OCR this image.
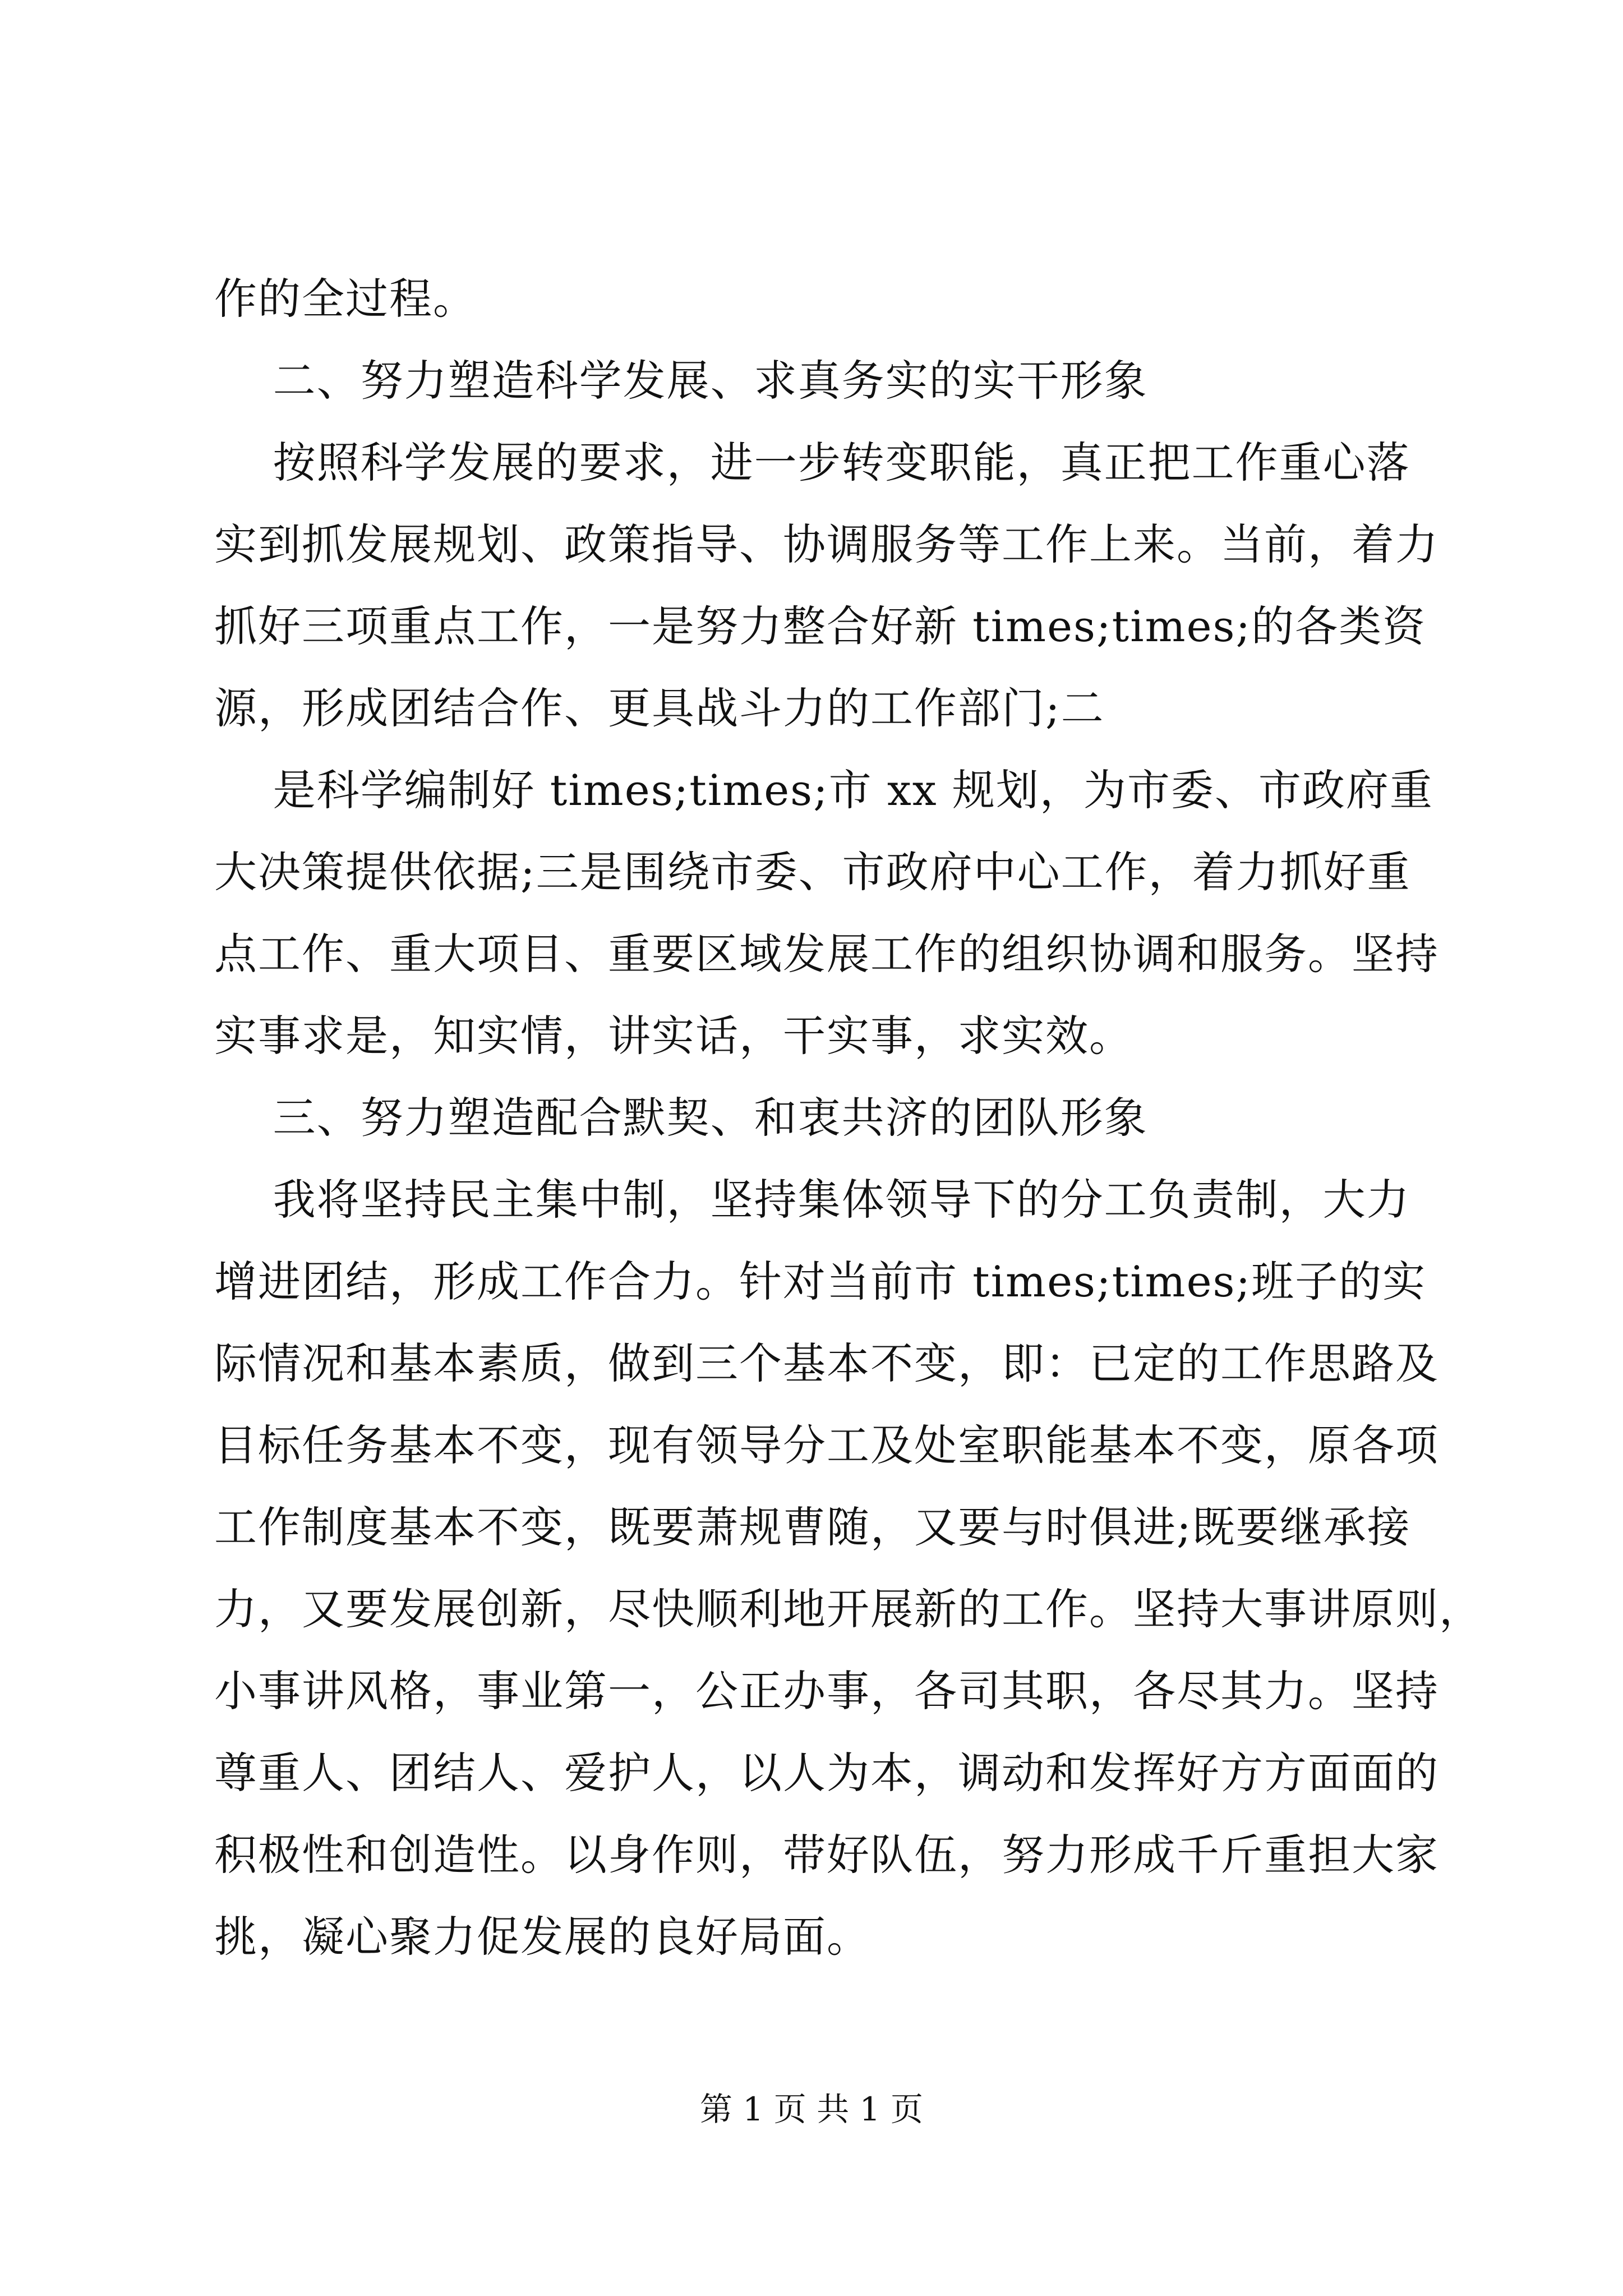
作的全过程。
二、努力塑造科学发展、求真务实的实干形象
按照科学发展的要求，进一步转变职能，真正把工作重心落
实到抓发展规划、政策指导、协调服务等工作上来。当前，着力
抓好三项重点工作，一是努力整合好新 times;times;的各类资
源，形成团结合作、更具战斗力的工作部门;二
是科学编制好 times;times;市 xx 规划，为市委、市政府重
大决策提供依据;三是围绕市委、市政府中心工作，着力抓好重
点工作、重大项目、重要区域发展工作的组织协调和服务。坚持
实事求是，知实情，讲实话，干实事，求实效。
三、努力塑造配合默契、和衷共济的团队形象
我将坚持民主集中制，坚持集体领导下的分工负责制，大力
增进团结，形成工作合力。针对当前市 times;times;班子的实
际情况和基本素质，做到三个基本不变，即：已定的工作思路及
目标任务基本不变，现有领导分工及处室职能基本不变，原各项
工作制度基本不变，既要萧规曹随，又要与时俱进;既要继承接
力，又要发展创新，尽快顺利地开展新的工作。坚持大事讲原则，
小事讲风格，事业第一，公正办事，各司其职，各尽其力。坚持
尊重人、团结人、爱护人，以人为本，调动和发挥好方方面面的
积极性和创造性。以身作则，带好队伍，努力形成千斤重担大家
挑，凝心聚力促发展的良好局面。
第 1 页 共 1 页
